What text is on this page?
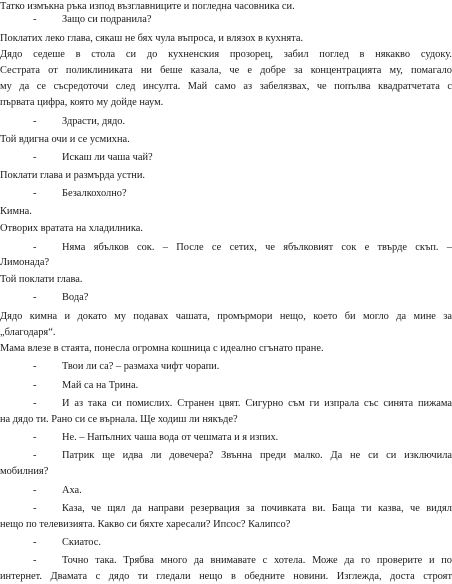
Татко измъкна ръка изпод възглавниците и погледна часовника си.
- Защо си подранила?
Поклатих леко глава, сякаш не бях чула въпроса, и влязох в кухнята.
Дядо седеше в стола си до кухненския прозорец, забил поглед в някакво судоку.
Сестрата от поликлиниката ни беше казала, че е добре за концентрацията му, помагало
му да се съсредоточи след инсулта. Май само аз забелязвах, че попълва квадратчетата с
първата цифра, която му дойде наум.
- Здрасти, дядо.
Той вдигна очи и се усмихна.
- Искаш ли чаша чай?
Поклати глава и размърда устни.
- Безалкохолно?
Кимна.
Отворих вратата на хладилника.
- Няма ябълков сок. – После се сетих, че ябълковият сок е твърде скъп. –
Лимонада?
Той поклати глава.
- Вода?
Дядо кимна и докато му подавах чашата, промърмори нещо, което би могло да мине за
„благодаря“.
Мама влезе в стаята, понесла огромна кошница с идеално сгънато пране.
- Твои ли са? – размаха чифт чорапи.
- Май са на Трина.
- И аз така си помислих. Странен цвят. Сигурно съм ги изпрала със синята пижама
на дядо ти. Рано си се върнала. Ще ходиш ли някъде?
- Не. – Напълних чаша вода от чешмата и я изпих.
- Патрик ще идва ли довечера? Звънна преди малко. Да не си си изключила
мобилния?
- Аха.
- Каза, че щял да направи резервация за почивката ви. Баща ти казва, че видял
нещо по телевизията. Какво си бяхте харесали? Ипсос? Калипсо?
- Скиатос.
- Точно така. Трябва много да внимавате с хотела. Може да го проверите и по
интернет. Двамата с дядо ти гледали нещо в обедните новини. Изглежда, доста строят
